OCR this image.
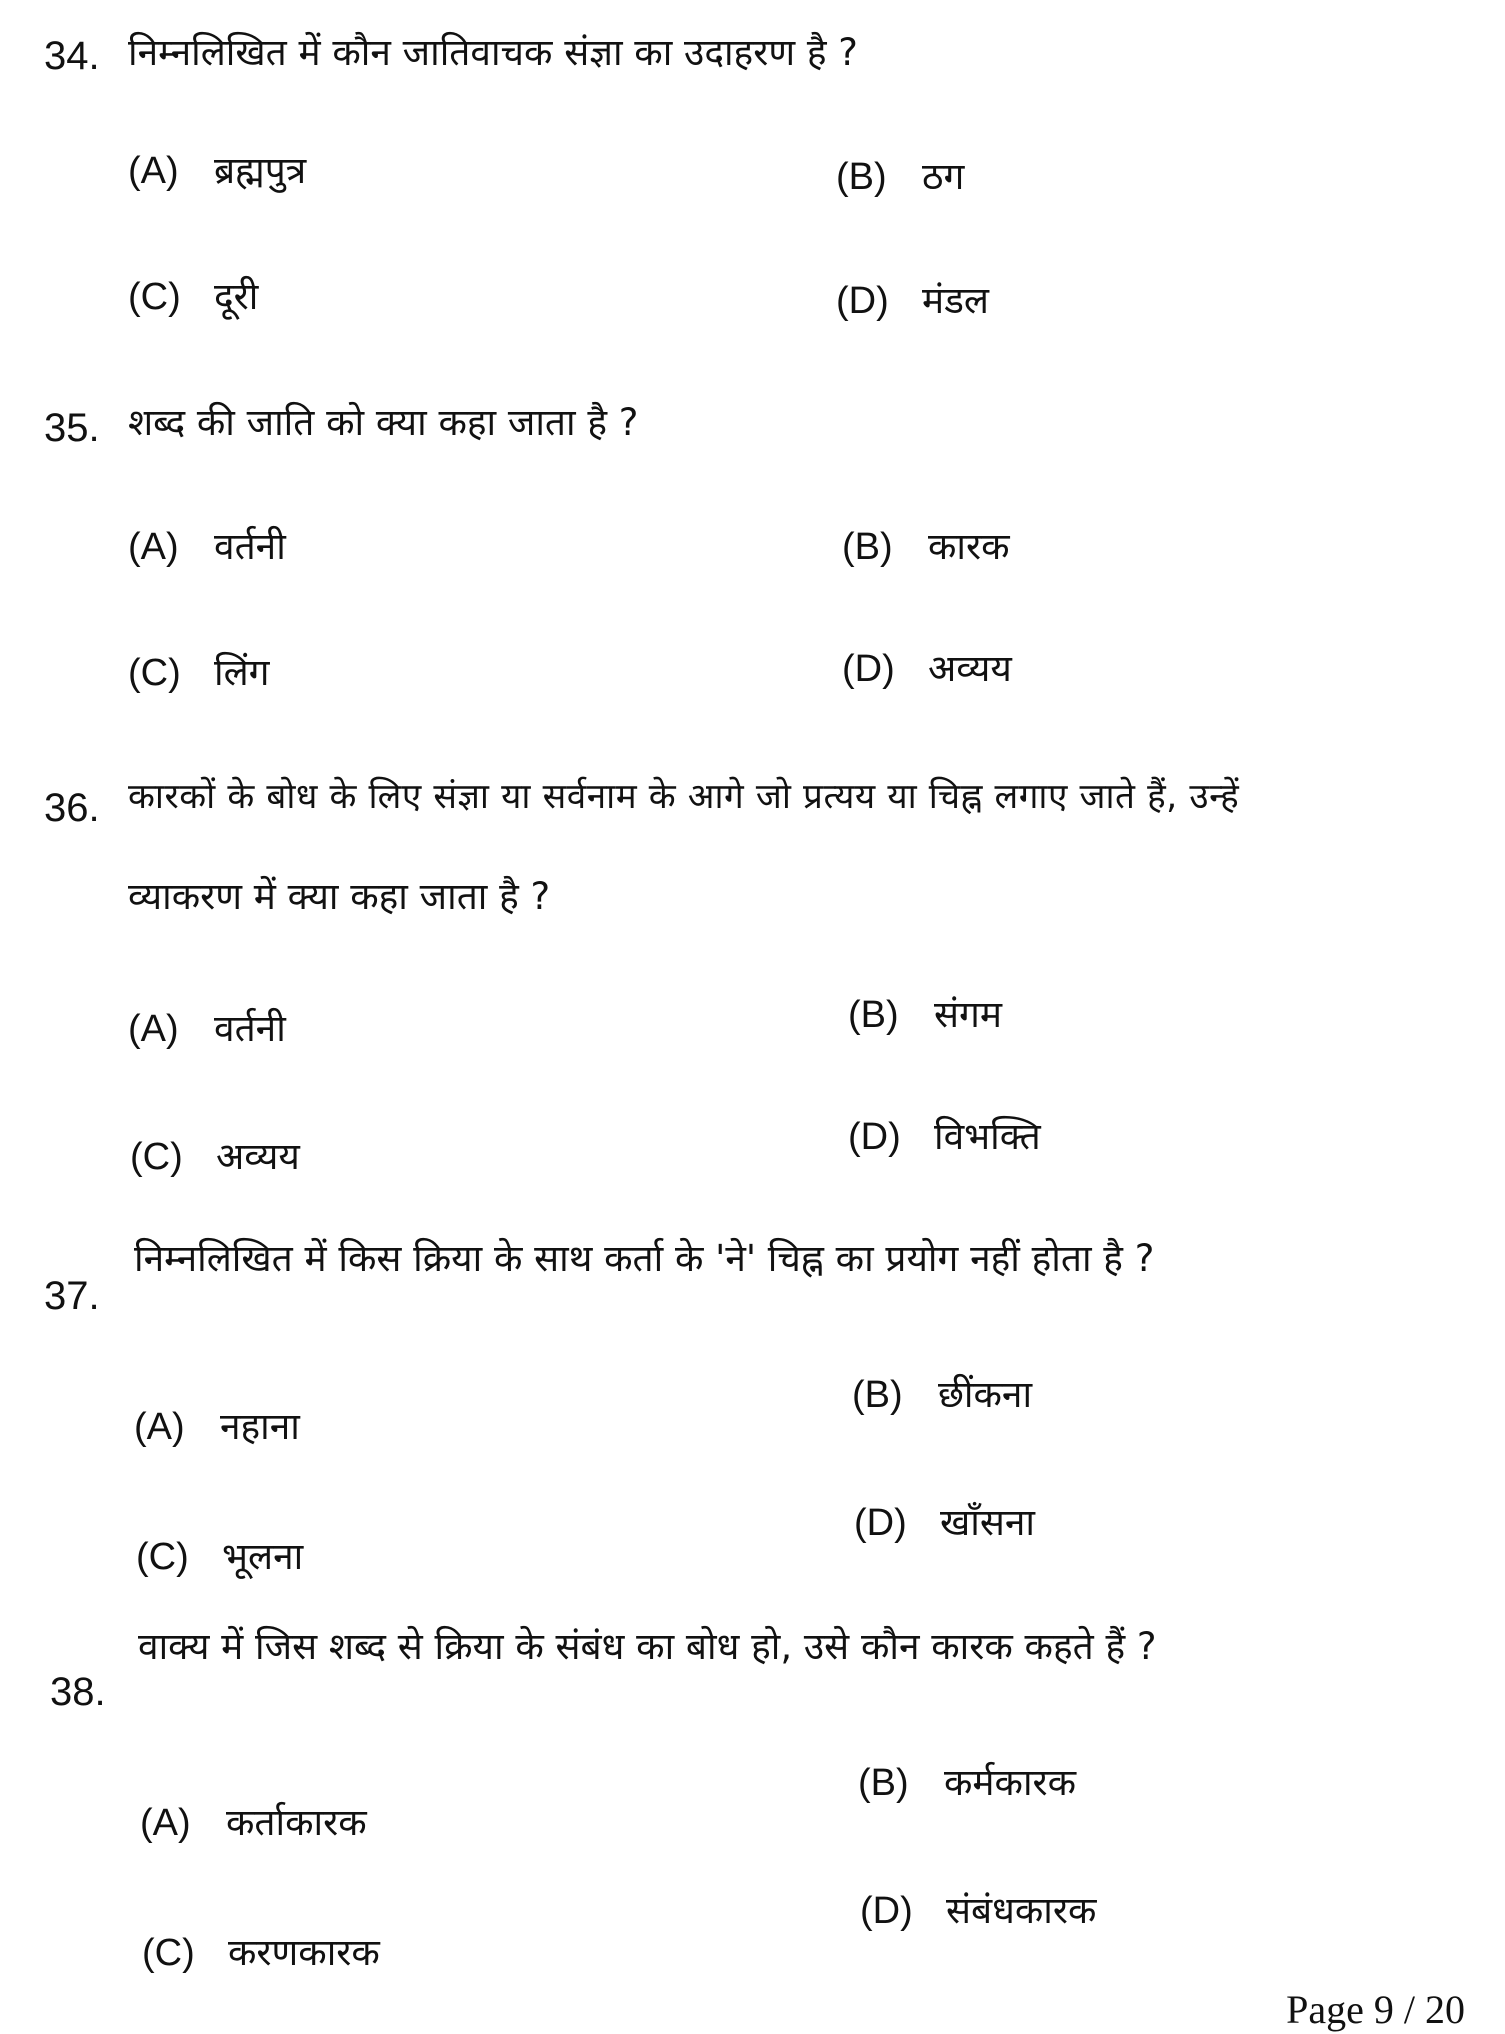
34. निम्नलिखित में कौन जातिवाचक संज्ञा का उदाहरण है ?
(A) ब्रह्मपुत्र	(B) ठग
(C) दूरी	(D) मंडल
35. शब्द की जाति को क्या कहा जाता है ?
(A) वर्तनी	(B) कारक
(C) लिंग	(D) अव्यय
36. कारकों के बोध के लिए संज्ञा या सर्वनाम के आगे जो प्रत्यय या चिह्न लगाए जाते हैं, उन्हें
व्याकरण में क्या कहा जाता है ?
(A) वर्तनी	(B) संगम
(C) अव्यय	(D) विभक्ति
37.
निम्नलिखित में किस क्रिया के साथ कर्ता के 'ने' चिह्न का प्रयोग नहीं होता है ?
(A) नहाना
(B) छींकना
(C) भूलना
(D) खाँसना
38.
वाक्य में जिस शब्द से क्रिया के संबंध का बोध हो, उसे कौन कारक कहते हैं ?
(A) कर्ताकारक
(B) कर्मकारक
(C) करणकारक
(D) संबंधकारक
Page 9 / 20
